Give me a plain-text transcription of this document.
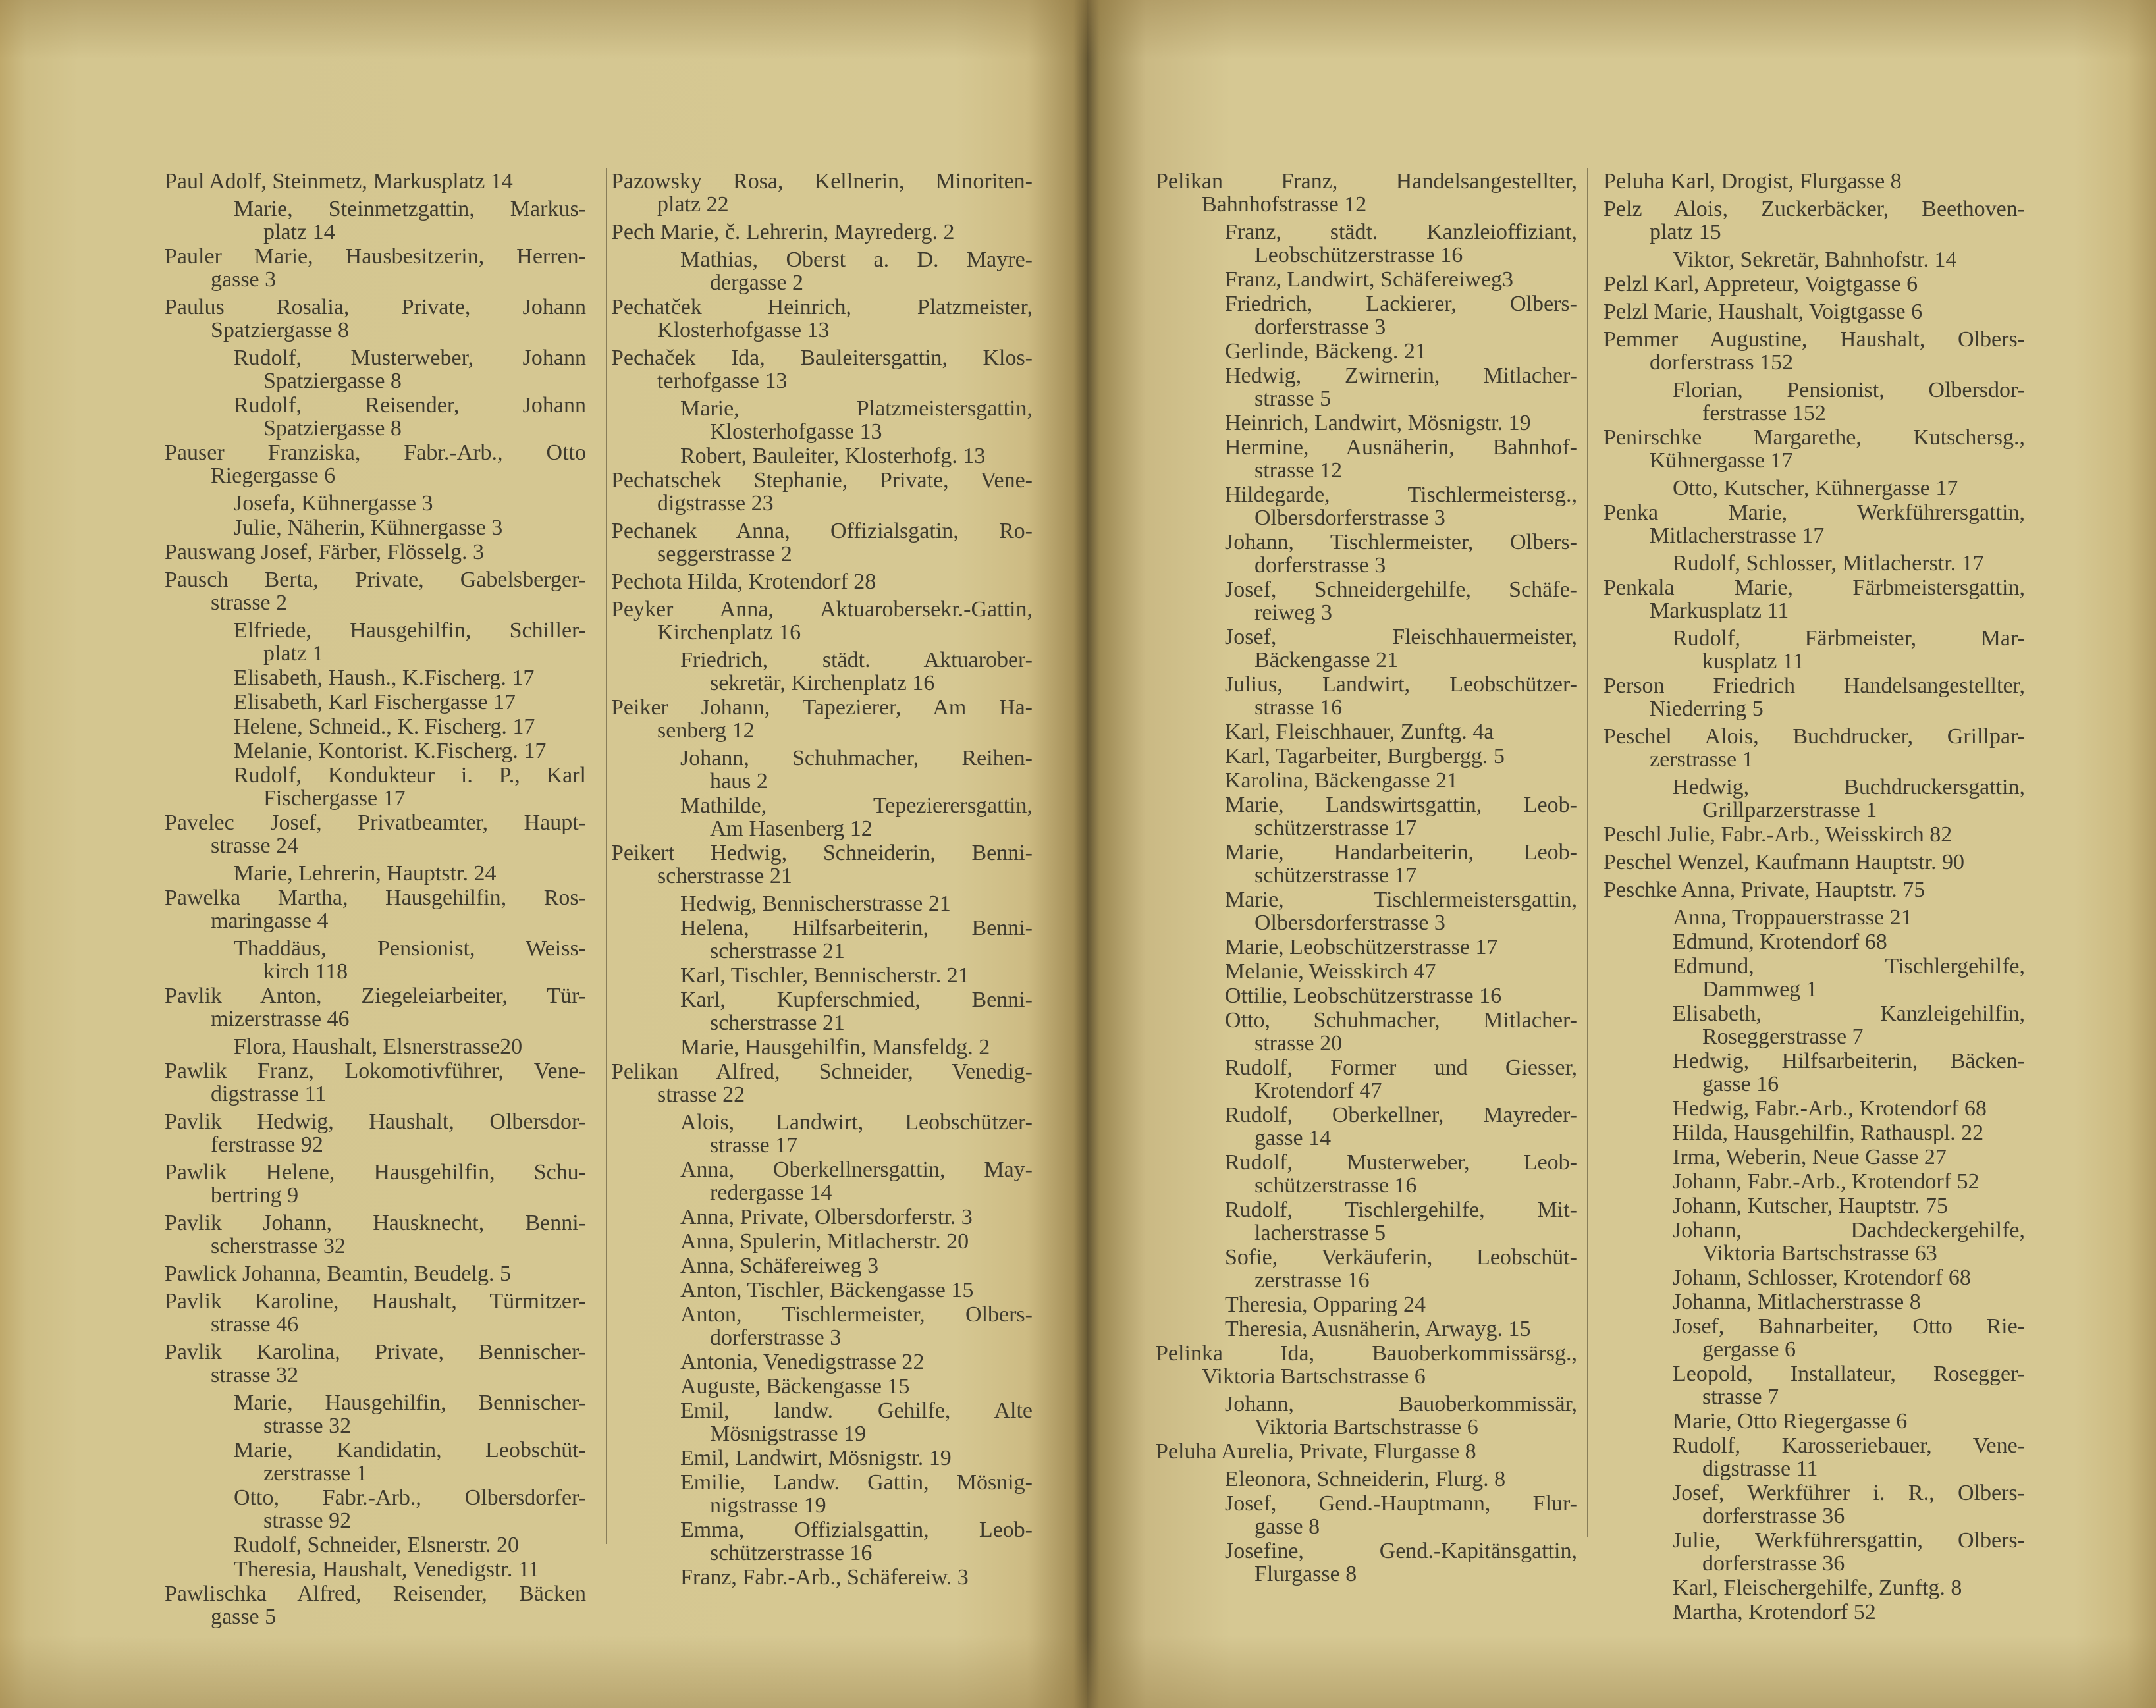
Paul Adolf, Steinmetz, Markusplatz 14
Marie, Steinmetzgattin, Markus-
platz 14
Pauler Marie, Hausbesitzerin, Herren-
gasse 3
Paulus Rosalia, Private, Johann
Spatziergasse 8
Rudolf, Musterweber, Johann
Spatziergasse 8
Rudolf, Reisender, Johann
Spatziergasse 8
Pauser Franziska, Fabr.-Arb., Otto
Riegergasse 6
Josefa, Kühnergasse 3
Julie, Näherin, Kühnergasse 3
Pauswang Josef, Färber, Flösselg. 3
Pausch Berta, Private, Gabelsberger-
strasse 2
Elfriede, Hausgehilfin, Schiller-
platz 1
Elisabeth, Haush., K.Fischerg. 17
Elisabeth, Karl Fischergasse 17
Helene, Schneid., K. Fischerg. 17
Melanie, Kontorist. K.Fischerg. 17
Rudolf, Kondukteur i. P., Karl
Fischergasse 17
Pavelec Josef, Privatbeamter, Haupt-
strasse 24
Marie, Lehrerin, Hauptstr. 24
Pawelka Martha, Hausgehilfin, Ros-
maringasse 4
Thaddäus, Pensionist, Weiss-
kirch 118
Pavlik Anton, Ziegeleiarbeiter, Tür-
mizerstrasse 46
Flora, Haushalt, Elsnerstrasse20
Pawlik Franz, Lokomotivführer, Vene-
digstrasse 11
Pavlik Hedwig, Haushalt, Olbersdor-
ferstrasse 92
Pawlik Helene, Hausgehilfin, Schu-
bertring 9
Pavlik Johann, Hausknecht, Benni-
scherstrasse 32
Pawlick Johanna, Beamtin, Beudelg. 5
Pavlik Karoline, Haushalt, Türmitzer-
strasse 46
Pavlik Karolina, Private, Bennischer-
strasse 32
Marie, Hausgehilfin, Bennischer-
strasse 32
Marie, Kandidatin, Leobschüt-
zerstrasse 1
Otto, Fabr.-Arb., Olbersdorfer-
strasse 92
Rudolf, Schneider, Elsnerstr. 20
Theresia, Haushalt, Venedigstr. 11
Pawlischka Alfred, Reisender, Bäcken
gasse 5
Pazowsky Rosa, Kellnerin, Minoriten-
platz 22
Pech Marie, č. Lehrerin, Mayrederg. 2
Mathias, Oberst a. D. Mayre-
dergasse 2
Pechatček Heinrich, Platzmeister,
Klosterhofgasse 13
Pechaček Ida, Bauleitersgattin, Klos-
terhofgasse 13
Marie, Platzmeistersgattin,
Klosterhofgasse 13
Robert, Bauleiter, Klosterhofg. 13
Pechatschek Stephanie, Private, Vene-
digstrasse 23
Pechanek Anna, Offizialsgatin, Ro-
seggerstrasse 2
Pechota Hilda, Krotendorf 28
Peyker Anna, Aktuarobersekr.-Gattin,
Kirchenplatz 16
Friedrich, städt. Aktuarober-
sekretär, Kirchenplatz 16
Peiker Johann, Tapezierer, Am Ha-
senberg 12
Johann, Schuhmacher, Reihen-
haus 2
Mathilde, Tepezierersgattin,
Am Hasenberg 12
Peikert Hedwig, Schneiderin, Benni-
scherstrasse 21
Hedwig, Bennischerstrasse 21
Helena, Hilfsarbeiterin, Benni-
scherstrasse 21
Karl, Tischler, Bennischerstr. 21
Karl, Kupferschmied, Benni-
scherstrasse 21
Marie, Hausgehilfin, Mansfeldg. 2
Pelikan Alfred, Schneider, Venedig-
strasse 22
Alois, Landwirt, Leobschützer-
strasse 17
Anna, Oberkellnersgattin, May-
redergasse 14
Anna, Private, Olbersdorferstr. 3
Anna, Spulerin, Mitlacherstr. 20
Anna, Schäfereiweg 3
Anton, Tischler, Bäckengasse 15
Anton, Tischlermeister, Olbers-
dorferstrasse 3
Antonia, Venedigstrasse 22
Auguste, Bäckengasse 15
Emil, landw. Gehilfe, Alte
Mösnigstrasse 19
Emil, Landwirt, Mösnigstr. 19
Emilie, Landw. Gattin, Mösnig-
nigstrasse 19
Emma, Offizialsgattin, Leob-
schützerstrasse 16
Franz, Fabr.-Arb., Schäfereiw. 3
Pelikan Franz, Handelsangestellter,
Bahnhofstrasse 12
Franz, städt. Kanzleioffiziant,
Leobschützerstrasse 16
Franz, Landwirt, Schäfereiweg3
Friedrich, Lackierer, Olbers-
dorferstrasse 3
Gerlinde, Bäckeng. 21
Hedwig, Zwirnerin, Mitlacher-
strasse 5
Heinrich, Landwirt, Mösnigstr. 19
Hermine, Ausnäherin, Bahnhof-
strasse 12
Hildegarde, Tischlermeistersg.,
Olbersdorferstrasse 3
Johann, Tischlermeister, Olbers-
dorferstrasse 3
Josef, Schneidergehilfe, Schäfe-
reiweg 3
Josef, Fleischhauermeister,
Bäckengasse 21
Julius, Landwirt, Leobschützer-
strasse 16
Karl, Fleischhauer, Zunftg. 4a
Karl, Tagarbeiter, Burgbergg. 5
Karolina, Bäckengasse 21
Marie, Landswirtsgattin, Leob-
schützerstrasse 17
Marie, Handarbeiterin, Leob-
schützerstrasse 17
Marie, Tischlermeistersgattin,
Olbersdorferstrasse 3
Marie, Leobschützerstrasse 17
Melanie, Weisskirch 47
Ottilie, Leobschützerstrasse 16
Otto, Schuhmacher, Mitlacher-
strasse 20
Rudolf, Former und Giesser,
Krotendorf 47
Rudolf, Oberkellner, Mayreder-
gasse 14
Rudolf, Musterweber, Leob-
schützerstrasse 16
Rudolf, Tischlergehilfe, Mit-
lacherstrasse 5
Sofie, Verkäuferin, Leobschüt-
zerstrasse 16
Theresia, Opparing 24
Theresia, Ausnäherin, Arwayg. 15
Pelinka Ida, Bauoberkommissärsg.,
Viktoria Bartschstrasse 6
Johann, Bauoberkommissär,
Viktoria Bartschstrasse 6
Peluha Aurelia, Private, Flurgasse 8
Eleonora, Schneiderin, Flurg. 8
Josef, Gend.-Hauptmann, Flur-
gasse 8
Josefine, Gend.-Kapitänsgattin,
Flurgasse 8
Peluha Karl, Drogist, Flurgasse 8
Pelz Alois, Zuckerbäcker, Beethoven-
platz 15
Viktor, Sekretär, Bahnhofstr. 14
Pelzl Karl, Appreteur, Voigtgasse 6
Pelzl Marie, Haushalt, Voigtgasse 6
Pemmer Augustine, Haushalt, Olbers-
dorferstrass 152
Florian, Pensionist, Olbersdor-
ferstrasse 152
Penirschke Margarethe, Kutschersg.,
Kühnergasse 17
Otto, Kutscher, Kühnergasse 17
Penka Marie, Werkführersgattin,
Mitlacherstrasse 17
Rudolf, Schlosser, Mitlacherstr. 17
Penkala Marie, Färbmeistersgattin,
Markusplatz 11
Rudolf, Färbmeister, Mar-
kusplatz 11
Person Friedrich Handelsangestellter,
Niederring 5
Peschel Alois, Buchdrucker, Grillpar-
zerstrasse 1
Hedwig, Buchdruckersgattin,
Grillparzerstrasse 1
Peschl Julie, Fabr.-Arb., Weisskirch 82
Peschel Wenzel, Kaufmann Hauptstr. 90
Peschke Anna, Private, Hauptstr. 75
Anna, Troppauerstrasse 21
Edmund, Krotendorf 68
Edmund, Tischlergehilfe,
Dammweg 1
Elisabeth, Kanzleigehilfin,
Roseggerstrasse 7
Hedwig, Hilfsarbeiterin, Bäcken-
gasse 16
Hedwig, Fabr.-Arb., Krotendorf 68
Hilda, Hausgehilfin, Rathauspl. 22
Irma, Weberin, Neue Gasse 27
Johann, Fabr.-Arb., Krotendorf 52
Johann, Kutscher, Hauptstr. 75
Johann, Dachdeckergehilfe,
Viktoria Bartschstrasse 63
Johann, Schlosser, Krotendorf 68
Johanna, Mitlacherstrasse 8
Josef, Bahnarbeiter, Otto Rie-
gergasse 6
Leopold, Installateur, Rosegger-
strasse 7
Marie, Otto Riegergasse 6
Rudolf, Karosseriebauer, Vene-
digstrasse 11
Josef, Werkführer i. R., Olbers-
dorferstrasse 36
Julie, Werkführersgattin, Olbers-
dorferstrasse 36
Karl, Fleischergehilfe, Zunftg. 8
Martha, Krotendorf 52
